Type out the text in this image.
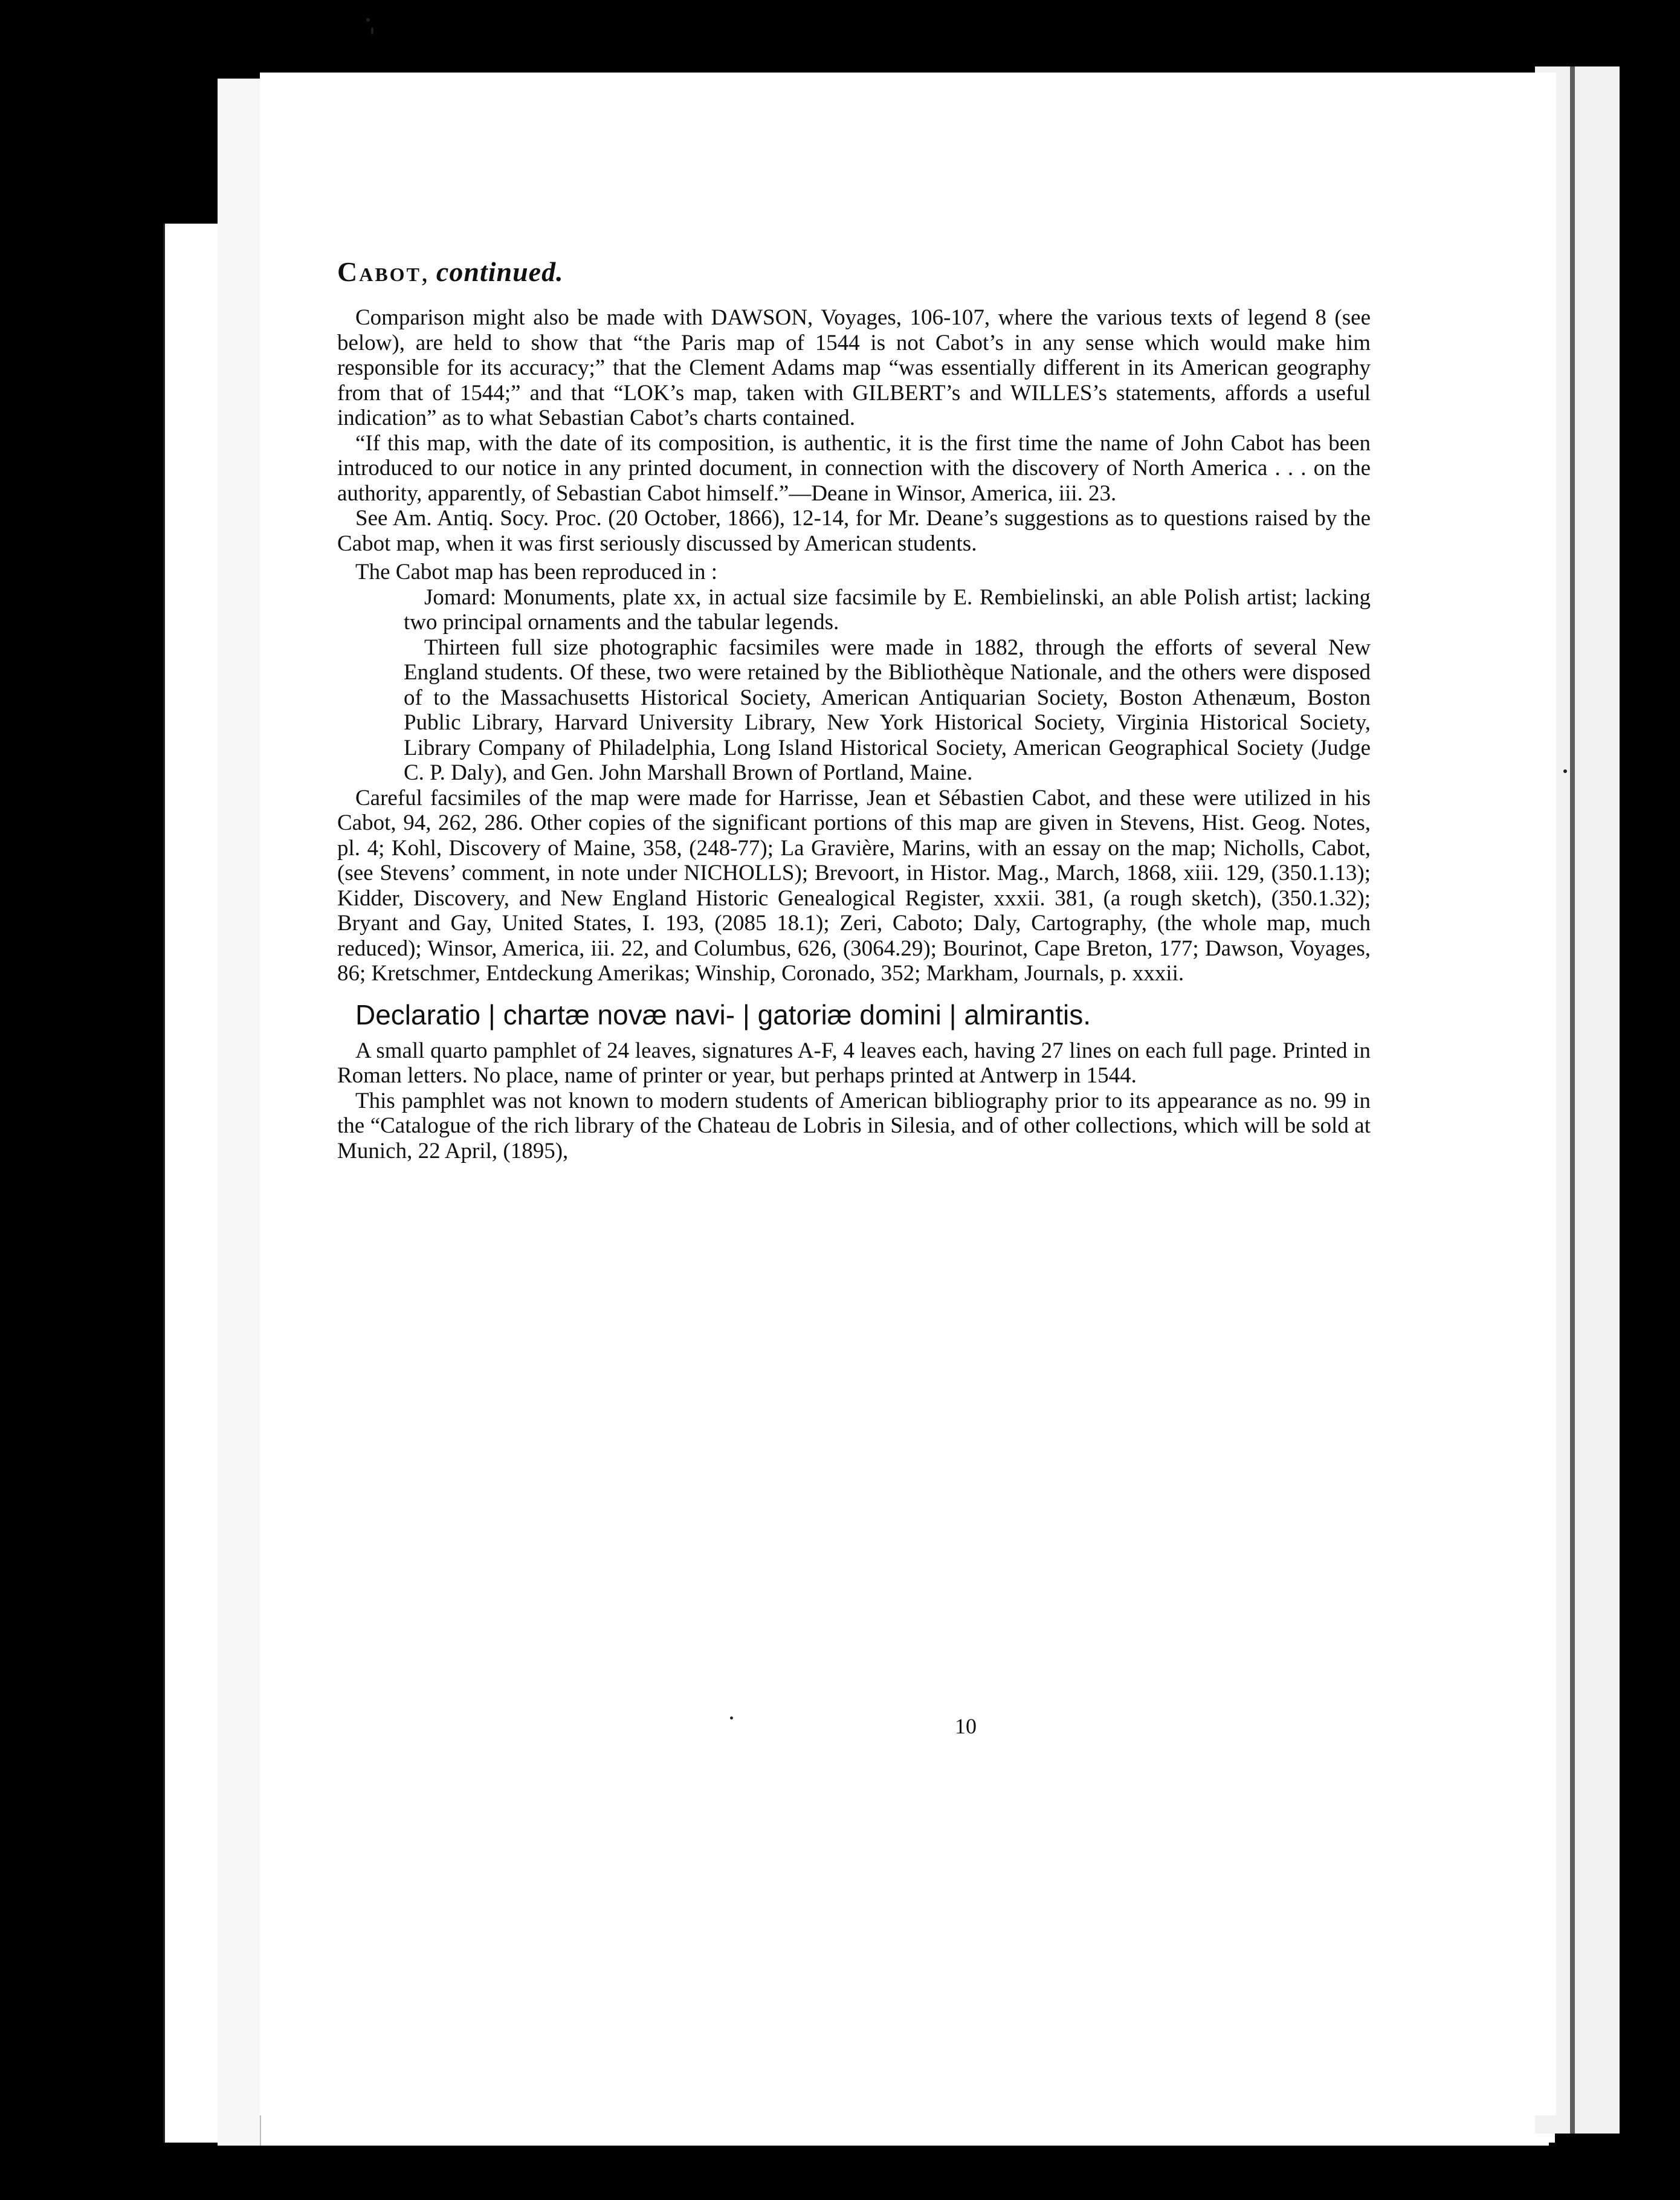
Cabot, continued.

Comparison might also be made with DAWSON, Voyages, 106-107, where the various texts of legend 8 (see below), are held to show that “the Paris map of 1544 is not Cabot’s in any sense which would make him responsible for its accuracy;” that the Clement Adams map “was essentially different in its American geography from that of 1544;” and that “LOK’s map, taken with GILBERT’s and WILLES’s statements, affords a useful indication” as to what Sebastian Cabot’s charts contained.

“If this map, with the date of its composition, is authentic, it is the first time the name of John Cabot has been introduced to our notice in any printed document, in connection with the discovery of North America . . . on the authority, apparently, of Sebastian Cabot himself.”—Deane in Winsor, America, iii. 23.

See Am. Antiq. Socy. Proc. (20 October, 1866), 12-14, for Mr. Deane’s suggestions as to questions raised by the Cabot map, when it was first seriously discussed by American students.

The Cabot map has been reproduced in :

Jomard: Monuments, plate xx, in actual size facsimile by E. Rembielinski, an able Polish artist; lacking two principal ornaments and the tabular legends.

Thirteen full size photographic facsimiles were made in 1882, through the efforts of several New England students. Of these, two were retained by the Bibliothèque Nationale, and the others were disposed of to the Massachusetts Historical Society, American Antiquarian Society, Boston Athenæum, Boston Public Library, Harvard University Library, New York Historical Society, Virginia Historical Society, Library Company of Philadelphia, Long Island Historical Society, American Geographical Society (Judge C. P. Daly), and Gen. John Marshall Brown of Portland, Maine.

Careful facsimiles of the map were made for Harrisse, Jean et Sébastien Cabot, and these were utilized in his Cabot, 94, 262, 286. Other copies of the significant portions of this map are given in Stevens, Hist. Geog. Notes, pl. 4; Kohl, Discovery of Maine, 358, (248-77); La Gravière, Marins, with an essay on the map; Nicholls, Cabot, (see Stevens’ comment, in note under NICHOLLS); Brevoort, in Histor. Mag., March, 1868, xiii. 129, (350.1.13); Kidder, Discovery, and New England Historic Genealogical Register, xxxii. 381, (a rough sketch), (350.1.32); Bryant and Gay, United States, I. 193, (2085 18.1); Zeri, Caboto; Daly, Cartography, (the whole map, much reduced); Winsor, America, iii. 22, and Columbus, 626, (3064.29); Bourinot, Cape Breton, 177; Dawson, Voyages, 86; Kretschmer, Entdeckung Amerikas; Winship, Coronado, 352; Markham, Journals, p. xxxii.

Declaratio | chartæ novæ navi- | gatoriæ domini | almirantis.

A small quarto pamphlet of 24 leaves, signatures A-F, 4 leaves each, having 27 lines on each full page. Printed in Roman letters. No place, name of printer or year, but perhaps printed at Antwerp in 1544.

This pamphlet was not known to modern students of American bibliography prior to its appearance as no. 99 in the “Catalogue of the rich library of the Chateau de Lobris in Silesia, and of other collections, which will be sold at Munich, 22 April, (1895),

10
